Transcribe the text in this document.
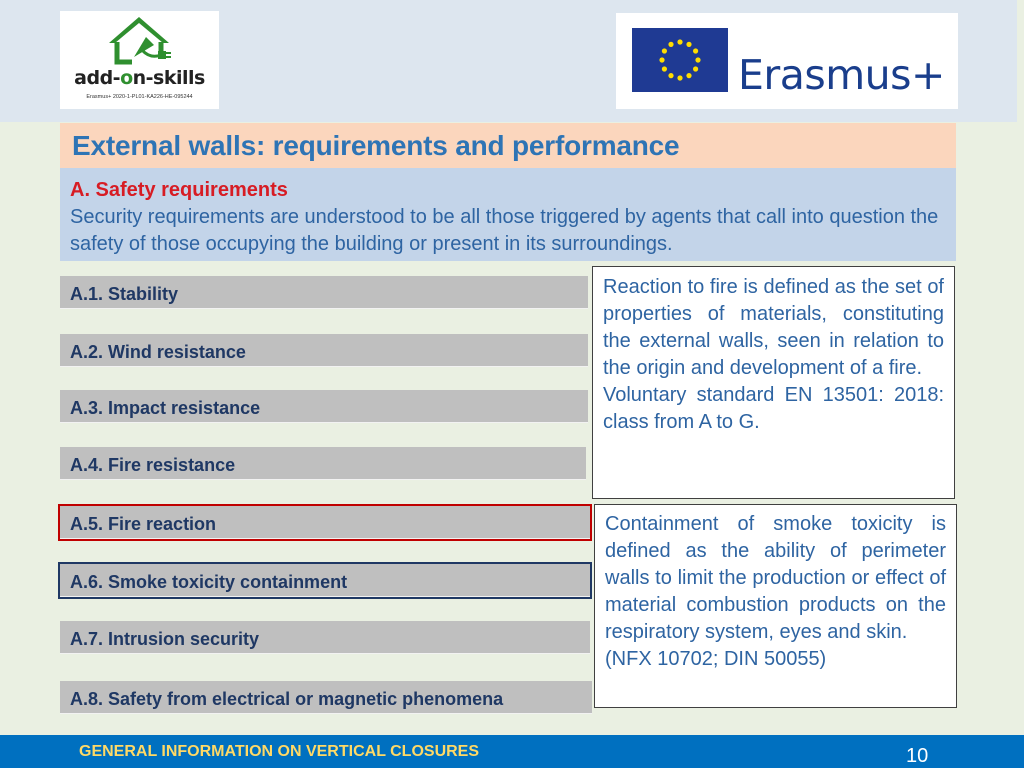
add-on-skills
Erasmus+ 2020-1-PL01-KA226-HE-095244	Erasmus+
External walls: requirements and performance
A. Safety requirements
Security requirements are understood to be all those triggered by agents that call into question the safety of those occupying the building or present in its surroundings.
A.1. Stability
A.2. Wind resistance
A.3. Impact resistance
A.4. Fire resistance
A.5. Fire reaction
A.6. Smoke toxicity containment
A.7. Intrusion security
A.8. Safety from electrical or magnetic phenomena

Reaction to fire is defined as the set of properties of materials, constituting the external walls, seen in relation to the origin and development of a fire.

Voluntary standard EN 13501: 2018: class from A to G.

Containment of smoke toxicity is defined as the ability of perimeter walls to limit the production or effect of material combustion products on the respiratory system, eyes and skin.

(NFX 10702; DIN 50055)

GENERAL INFORMATION ON VERTICAL CLOSURES	10
